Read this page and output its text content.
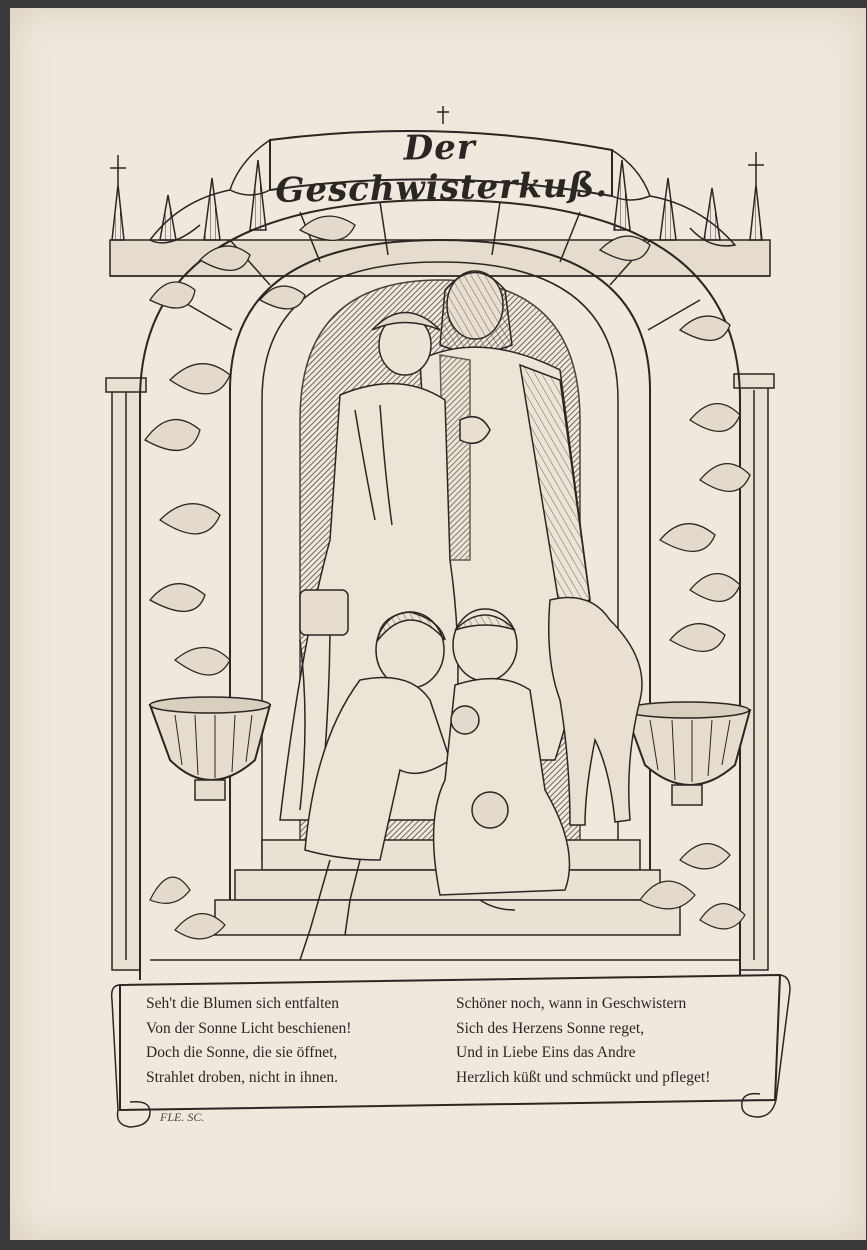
Der Geschwisterkuß.
Seh't die Blumen sich entfalten
Von der Sonne Licht beschienen!
Doch die Sonne, die sie öffnet,
Strahlet droben, nicht in ihnen.
Schöner noch, wann in Geschwistern
Sich des Herzens Sonne reget,
Und in Liebe Eins das Andre
Herzlich küßt und schmückt und pfleget!
FLE. SC.
